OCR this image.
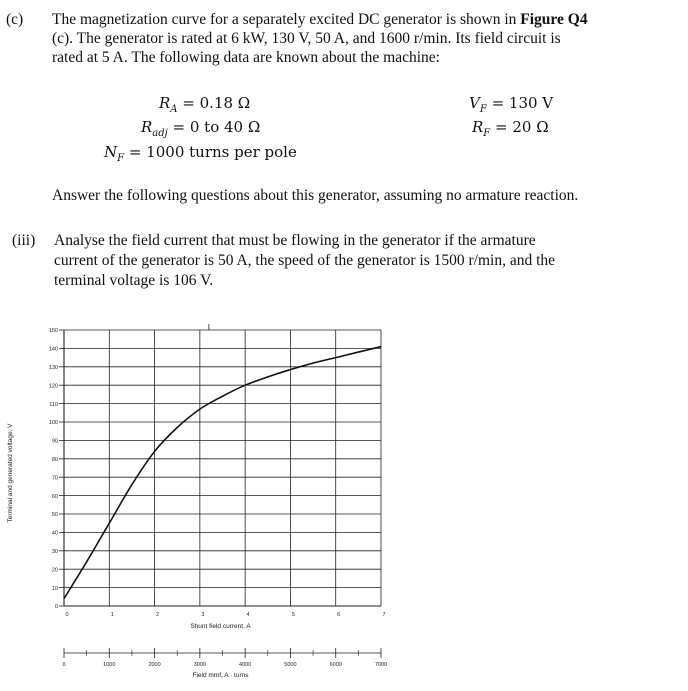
(c) The magnetization curve for a separately excited DC generator is shown in Figure Q4
(c). The generator is rated at 6 kW, 130 V, 50 A, and 1600 r/min. Its field circuit is
rated at 5 A. The following data are known about the machine:
$R_A = 0.18$ Ω
$R_{adj} = 0$ to 40 Ω
$N_F = 1000$ turns per pole
$V_F = 130$ V
$R_F = 20$ Ω
Answer the following questions about this generator, assuming no armature reaction.
(iii) Analyse the field current that must be flowing in the generator if the armature
current of the generator is 50 A, the speed of the generator is 1500 r/min, and the
terminal voltage is 106 V.
0
10
20
30
40
50
60
70
80
90
100
110
120
130
140
150
0	1	2	3	4	5	6	7
0	1000	2000	3000	4000	5000	6000	7000
Terminal and generated voltage, V
Shunt field current, A
Field mmf, A · turns
